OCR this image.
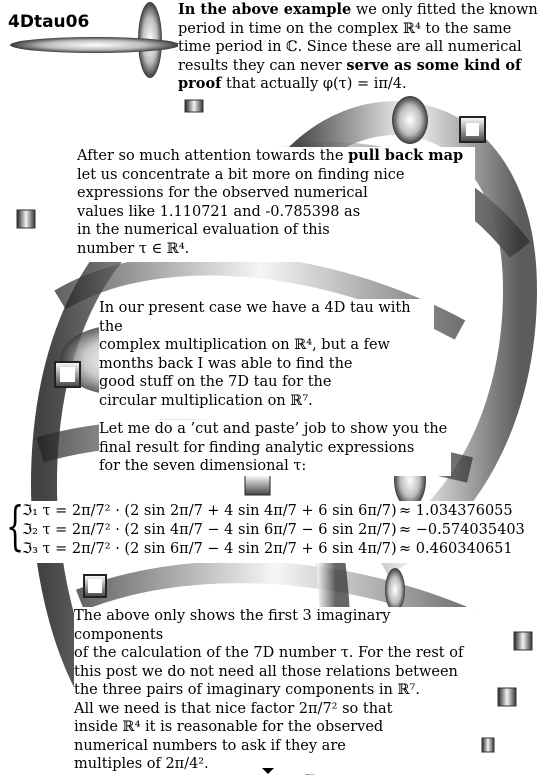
4Dtau06
In the above example we only fitted the known period in time on the complex ℝ⁴ to the same time period in ℂ. Since these are all numerical results they can never serve as some kind of proof that actually φ(τ) = iπ/4.
After so much attention towards the pull back map
let us concentrate a bit more on finding nice
expressions for the observed numerical
values like 1.110721 and -0.785398 as
in the numerical evaluation of this
number τ ∈ ℝ⁴.
In our present case we have a 4D tau with the
complex multiplication on ℝ⁴, but a few
months back I was able to find the
good stuff on the 7D tau for the
circular multiplication on ℝ⁷.
Let me do a ’cut and paste’ job to show you the
final result for finding analytic expressions
for the seven dimensional τ:
{
ℑ₁ τ = 2π/7² · (2 sin 2π/7 + 4 sin 4π/7 + 6 sin 6π/7) ≈ 1.034376055
ℑ₂ τ = 2π/7² · (2 sin 4π/7 − 4 sin 6π/7 − 6 sin 2π/7) ≈ −0.574035403
ℑ₃ τ = 2π/7² · (2 sin 6π/7 − 4 sin 2π/7 + 6 sin 4π/7) ≈ 0.460340651
The above only shows the first 3 imaginary components
of the calculation of the 7D number τ. For the rest of
this post we do not need all those relations between
the three pairs of imaginary components in ℝ⁷.
All we need is that nice factor 2π/7² so that
inside ℝ⁴ it is reasonable for the observed
numerical numbers to ask if they are
multiples of 2π/4².
